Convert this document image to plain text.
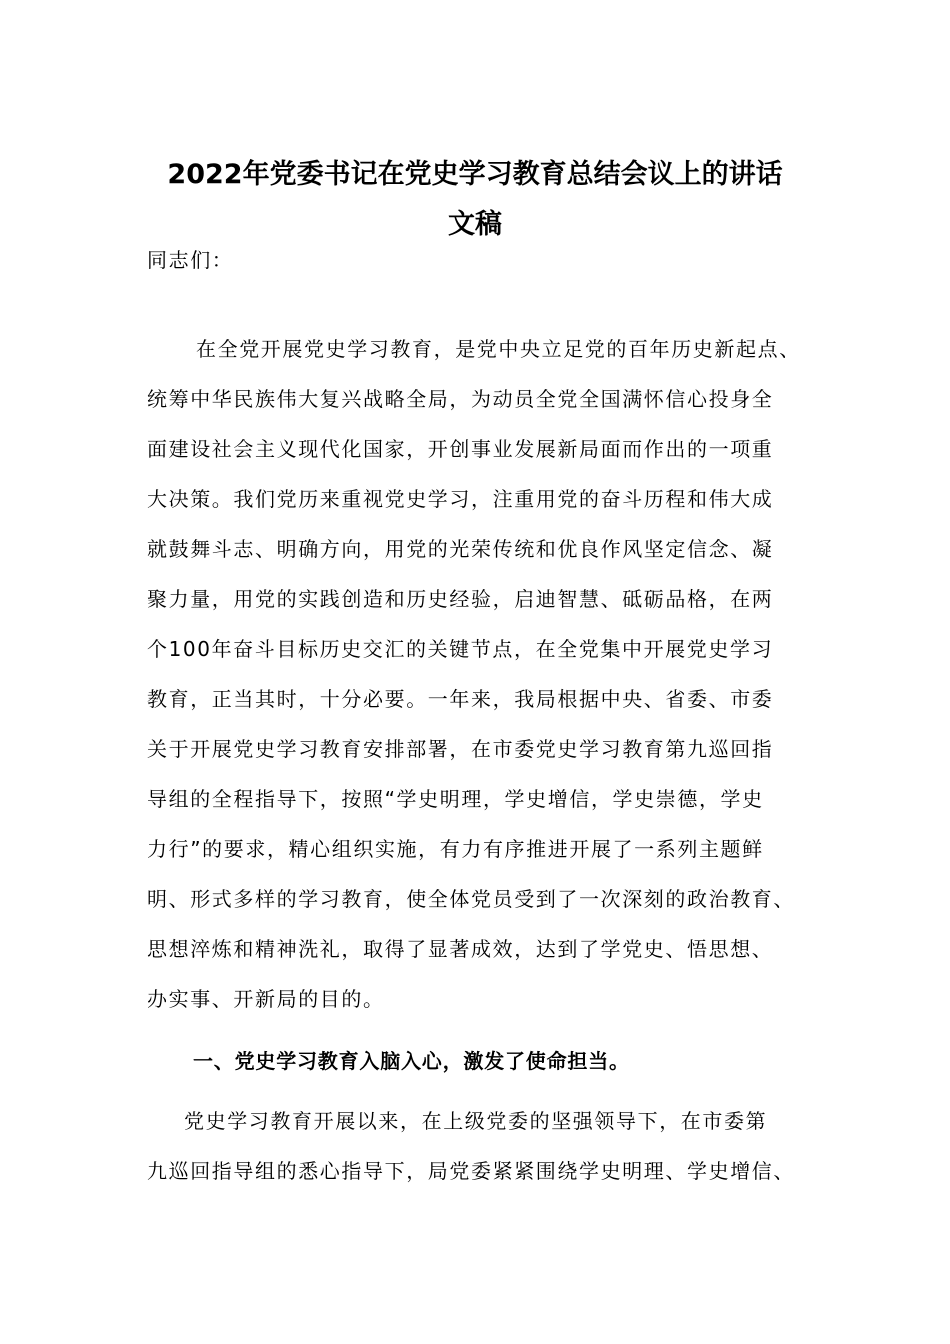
2022年党委书记在党史学习教育总结会议上的讲话
文稿
同志们：
在全党开展党史学习教育，是党中央立足党的百年历史新起点、
统筹中华民族伟大复兴战略全局，为动员全党全国满怀信心投身全
面建设社会主义现代化国家，开创事业发展新局面而作出的一项重
大决策。我们党历来重视党史学习，注重用党的奋斗历程和伟大成
就鼓舞斗志、明确方向，用党的光荣传统和优良作风坚定信念、凝
聚力量，用党的实践创造和历史经验，启迪智慧、砥砺品格，在两
个100年奋斗目标历史交汇的关键节点，在全党集中开展党史学习
教育，正当其时，十分必要。一年来，我局根据中央、省委、市委
关于开展党史学习教育安排部署，在市委党史学习教育第九巡回指
导组的全程指导下，按照“学史明理，学史增信，学史崇德，学史
力行”的要求，精心组织实施，有力有序推进开展了一系列主题鲜
明、形式多样的学习教育，使全体党员受到了一次深刻的政治教育、
思想淬炼和精神洗礼，取得了显著成效，达到了学党史、悟思想、
办实事、开新局的目的。
一、党史学习教育入脑入心，激发了使命担当。
党史学习教育开展以来，在上级党委的坚强领导下，在市委第
九巡回指导组的悉心指导下，局党委紧紧围绕学史明理、学史增信、
